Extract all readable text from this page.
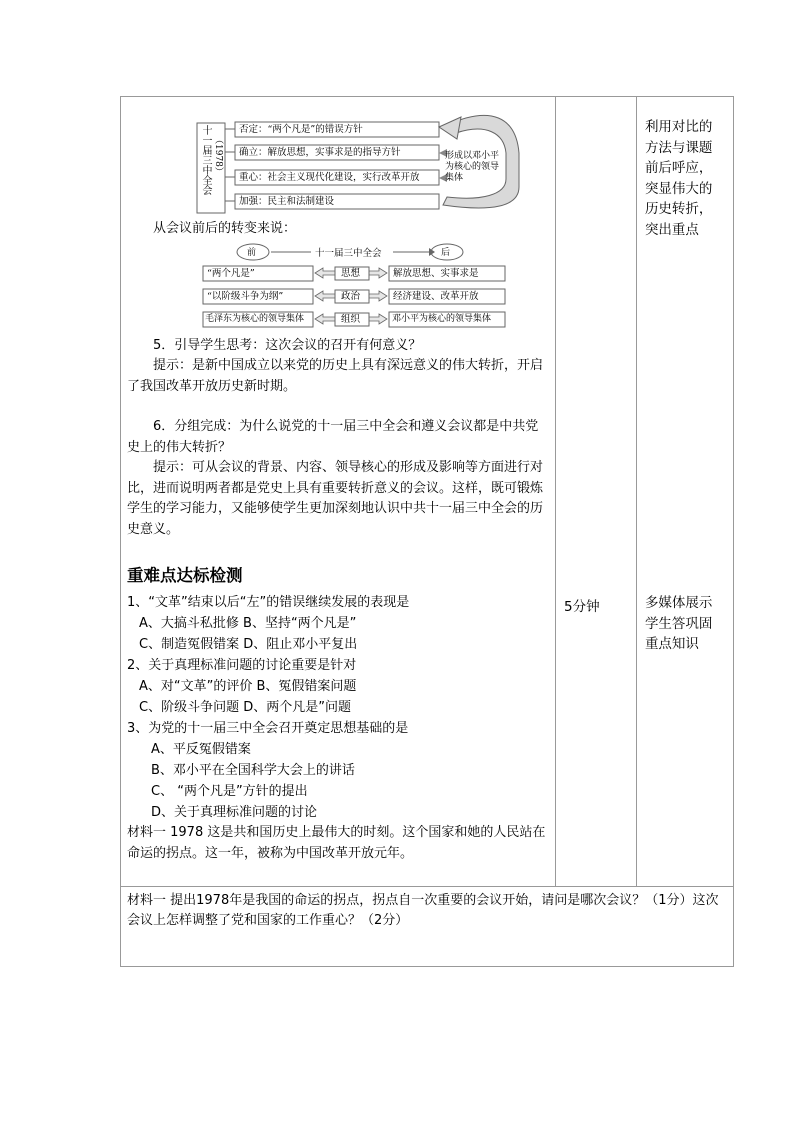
十一届三中全会 （1978）
否定：“两个凡是”的错误方针
确立：解放思想，实事求是的指导方针
重心：社会主义现代化建设，实行改革开放
加强：民主和法制建设
形成以邓小平为核心的领导集体

从会议前后的转变来说：

前	后
十一届三中全会
“两个凡是”	思想	解放思想、实事求是
“以阶级斗争为纲”	政治	经济建设、改革开放
毛泽东为核心的领导集体	组织	邓小平为核心的领导集体

5．引导学生思考：这次会议的召开有何意义？

提示：是新中国成立以来党的历史上具有深远意义的伟大转折，开启了我国改革开放历史新时期。

6．分组完成：为什么说党的十一届三中全会和遵义会议都是中共党史上的伟大转折？

提示：可从会议的背景、内容、领导核心的形成及影响等方面进行对比，进而说明两者都是党史上具有重要转折意义的会议。这样，既可锻炼学生的学习能力，又能够使学生更加深刻地认识中共十一届三中全会的历史意义。

重难点达标检测

1、“文革”结束以后“左”的错误继续发展的表现是

A、大搞斗私批修 B、坚持“两个凡是”

C、制造冤假错案 D、阻止邓小平复出

2、关于真理标准问题的讨论重要是针对

A、对“文革”的评价 B、冤假错案问题

C、阶级斗争问题 D、两个凡是”问题

3、为党的十一届三中全会召开奠定思想基础的是

A、平反冤假错案

B、邓小平在全国科学大会上的讲话

C、 “两个凡是”方针的提出

D、关于真理标准问题的讨论

材料一 1978 这是共和国历史上最伟大的时刻。这个国家和她的人民站在命运的拐点。这一年，被称为中国改革开放元年。

5分钟

利用对比的方法与课题前后呼应，突显伟大的历史转折，突出重点
多媒体展示学生答巩固重点知识

材料一 提出1978年是我国的命运的拐点，拐点自一次重要的会议开始，请问是哪次会议？（1分）这次会议上怎样调整了党和国家的工作重心？（2分）
